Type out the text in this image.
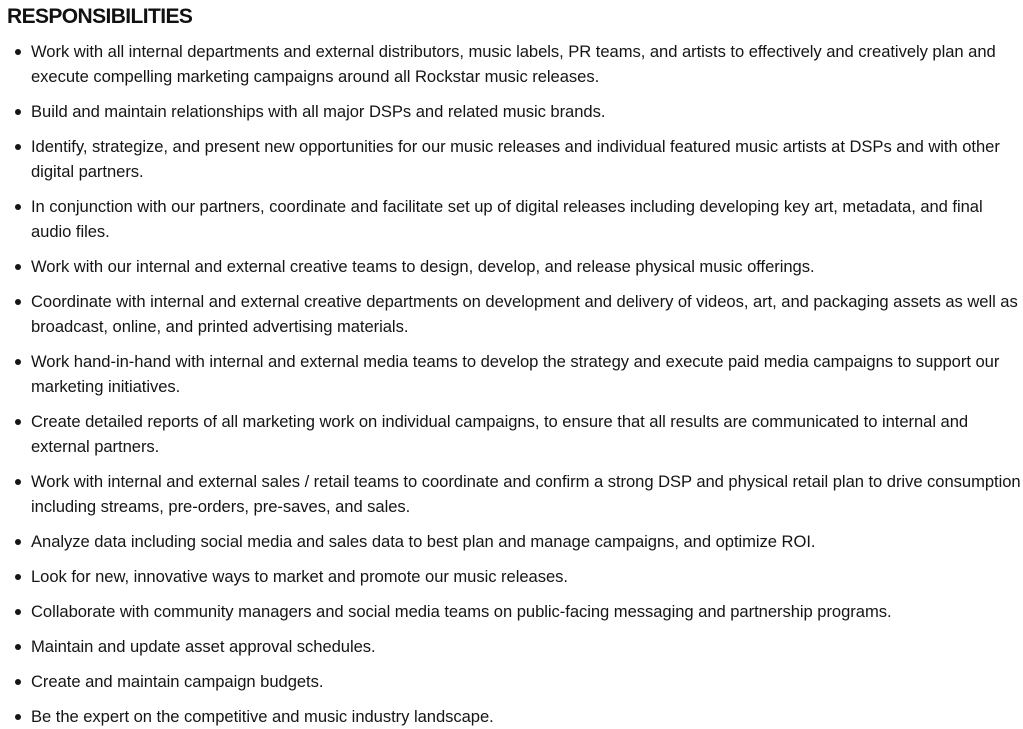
RESPONSIBILITIES
Work with all internal departments and external distributors, music labels, PR teams, and artists to effectively and creatively plan and execute compelling marketing campaigns around all Rockstar music releases.
Build and maintain relationships with all major DSPs and related music brands.
Identify, strategize, and present new opportunities for our music releases and individual featured music artists at DSPs and with other digital partners.
In conjunction with our partners, coordinate and facilitate set up of digital releases including developing key art, metadata, and final audio files.
Work with our internal and external creative teams to design, develop, and release physical music offerings.
Coordinate with internal and external creative departments on development and delivery of videos, art, and packaging assets as well as broadcast, online, and printed advertising materials.
Work hand-in-hand with internal and external media teams to develop the strategy and execute paid media campaigns to support our marketing initiatives.
Create detailed reports of all marketing work on individual campaigns, to ensure that all results are communicated to internal and external partners.
Work with internal and external sales / retail teams to coordinate and confirm a strong DSP and physical retail plan to drive consumption including streams, pre-orders, pre-saves, and sales.
Analyze data including social media and sales data to best plan and manage campaigns, and optimize ROI.
Look for new, innovative ways to market and promote our music releases.
Collaborate with community managers and social media teams on public-facing messaging and partnership programs.
Maintain and update asset approval schedules.
Create and maintain campaign budgets.
Be the expert on the competitive and music industry landscape.
